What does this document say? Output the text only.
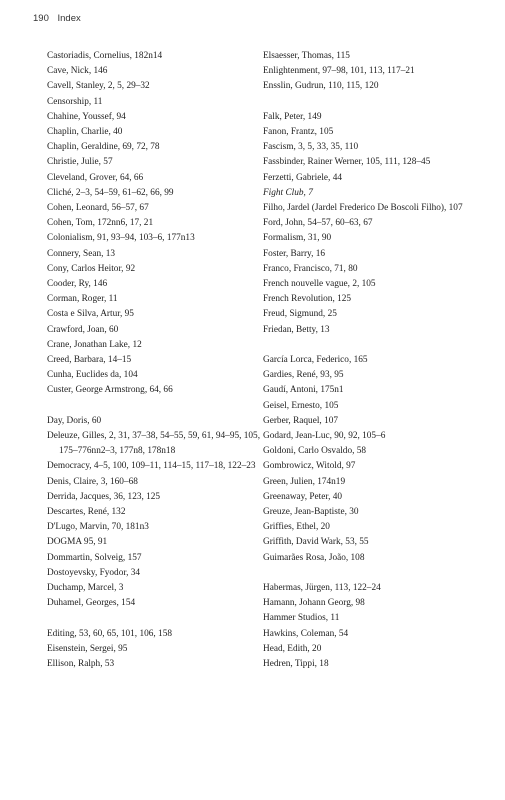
190 Index
Castoriadis, Cornelius, 182n14
Cave, Nick, 146
Cavell, Stanley, 2, 5, 29–32
Censorship, 11
Chahine, Youssef, 94
Chaplin, Charlie, 40
Chaplin, Geraldine, 69, 72, 78
Christie, Julie, 57
Cleveland, Grover, 64, 66
Cliché, 2–3, 54–59, 61–62, 66, 99
Cohen, Leonard, 56–57, 67
Cohen, Tom, 172nn6, 17, 21
Colonialism, 91, 93–94, 103–6, 177n13
Connery, Sean, 13
Cony, Carlos Heitor, 92
Cooder, Ry, 146
Corman, Roger, 11
Costa e Silva, Artur, 95
Crawford, Joan, 60
Crane, Jonathan Lake, 12
Creed, Barbara, 14–15
Cunha, Euclides da, 104
Custer, George Armstrong, 64, 66
Day, Doris, 60
Deleuze, Gilles, 2, 31, 37–38, 54–55, 59, 61, 94–95, 105, 175–776nn2–3, 177n8, 178n18
Democracy, 4–5, 100, 109–11, 114–15, 117–18, 122–23
Denis, Claire, 3, 160–68
Derrida, Jacques, 36, 123, 125
Descartes, René, 132
D'Lugo, Marvin, 70, 181n3
DOGMA 95, 91
Dommartin, Solveig, 157
Dostoyevsky, Fyodor, 34
Duchamp, Marcel, 3
Duhamel, Georges, 154
Editing, 53, 60, 65, 101, 106, 158
Eisenstein, Sergei, 95
Ellison, Ralph, 53
Elsaesser, Thomas, 115
Enlightenment, 97–98, 101, 113, 117–21
Ensslin, Gudrun, 110, 115, 120
Falk, Peter, 149
Fanon, Frantz, 105
Fascism, 3, 5, 33, 35, 110
Fassbinder, Rainer Werner, 105, 111, 128–45
Ferzetti, Gabriele, 44
Fight Club, 7
Filho, Jardel (Jardel Frederico De Boscoli Filho), 107
Ford, John, 54–57, 60–63, 67
Formalism, 31, 90
Foster, Barry, 16
Franco, Francisco, 71, 80
French nouvelle vague, 2, 105
French Revolution, 125
Freud, Sigmund, 25
Friedan, Betty, 13
García Lorca, Federico, 165
Gardies, René, 93, 95
Gaudí, Antoni, 175n1
Geisel, Ernesto, 105
Gerber, Raquel, 107
Godard, Jean-Luc, 90, 92, 105–6
Goldoni, Carlo Osvaldo, 58
Gombrowicz, Witold, 97
Green, Julien, 174n19
Greenaway, Peter, 40
Greuze, Jean-Baptiste, 30
Griffies, Ethel, 20
Griffith, David Wark, 53, 55
Guimarães Rosa, João, 108
Habermas, Jürgen, 113, 122–24
Hamann, Johann Georg, 98
Hammer Studios, 11
Hawkins, Coleman, 54
Head, Edith, 20
Hedren, Tippi, 18
